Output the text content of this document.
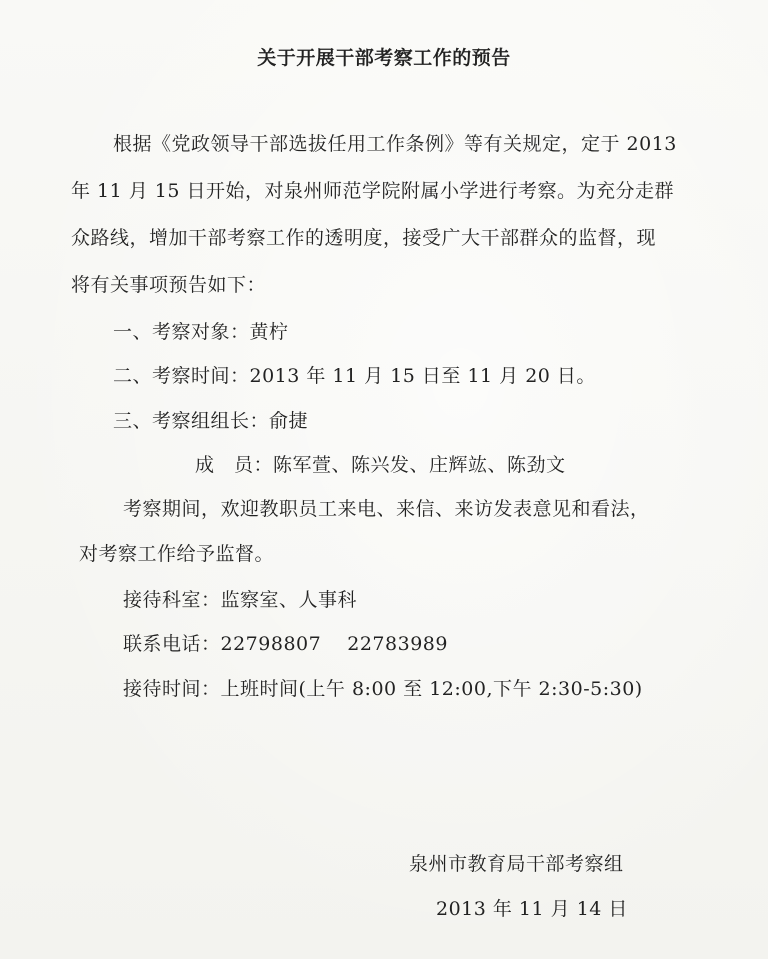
关于开展干部考察工作的预告
根据《党政领导干部选拔任用工作条例》等有关规定，定于 2013
年 11 月 15 日开始，对泉州师范学院附属小学进行考察。为充分走群
众路线，增加干部考察工作的透明度，接受广大干部群众的监督，现
将有关事项预告如下：
一、考察对象：黄柠
二、考察时间：2013 年 11 月 15 日至 11 月 20 日。
三、考察组组长：俞捷
成　员：陈军萱、陈兴发、庄辉竑、陈劲文
考察期间，欢迎教职员工来电、来信、来访发表意见和看法，
对考察工作给予监督。
接待科室：监察室、人事科
联系电话：22798807　 22783989
接待时间：上班时间(上午 8:00 至 12:00,下午 2:30-5:30)
泉州市教育局干部考察组
2013 年 11 月 14 日
